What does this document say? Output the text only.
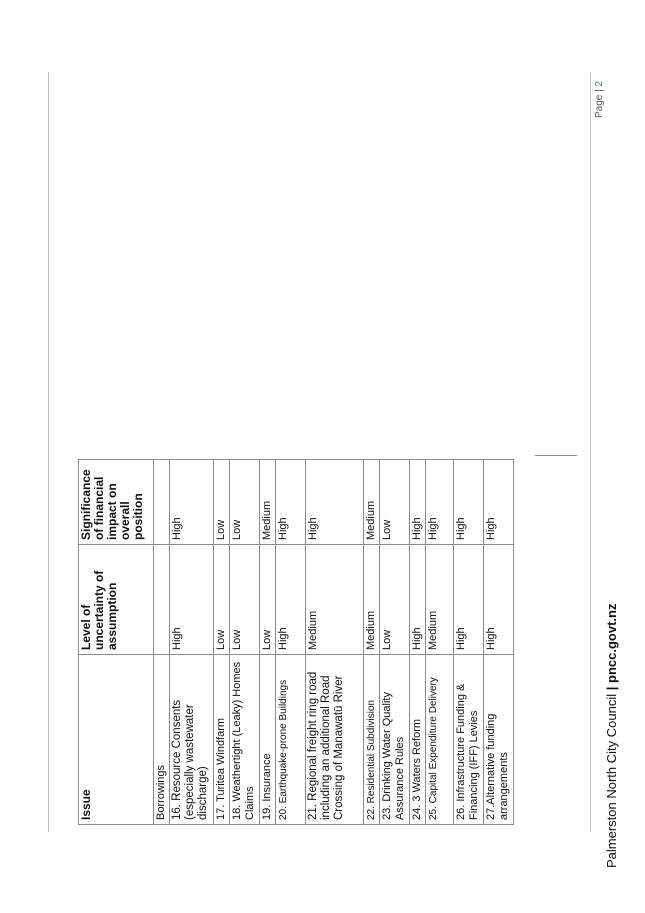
Issue	Level of uncertainty of assumption	Significance of financial impact on overall position
Borrowings		
16. Resource Consents (especially wastewater discharge)	High	High
17. Turitea Windfarm	Low	Low
18. Weathertight (Leaky) Homes Claims	Low	Low
19. Insurance	Low	Medium
20. Earthquake-prone Buildings	High	High
21. Regional freight ring road including an additional Road Crossing of Manawatū River	Medium	High
22. Residential Subdivision	Medium	Medium
23. Drinking Water Quality Assurance Rules	Low	Low
24. 3 Waters Reform	High	High
25. Capital Expenditure Delivery	Medium	High
26. Infrastructure Funding & Financing (IFF) Levies	High	High
27.Alternative funding arrangements	High	High
Palmerston North City Council | pncc.govt.nz
Page | 2
